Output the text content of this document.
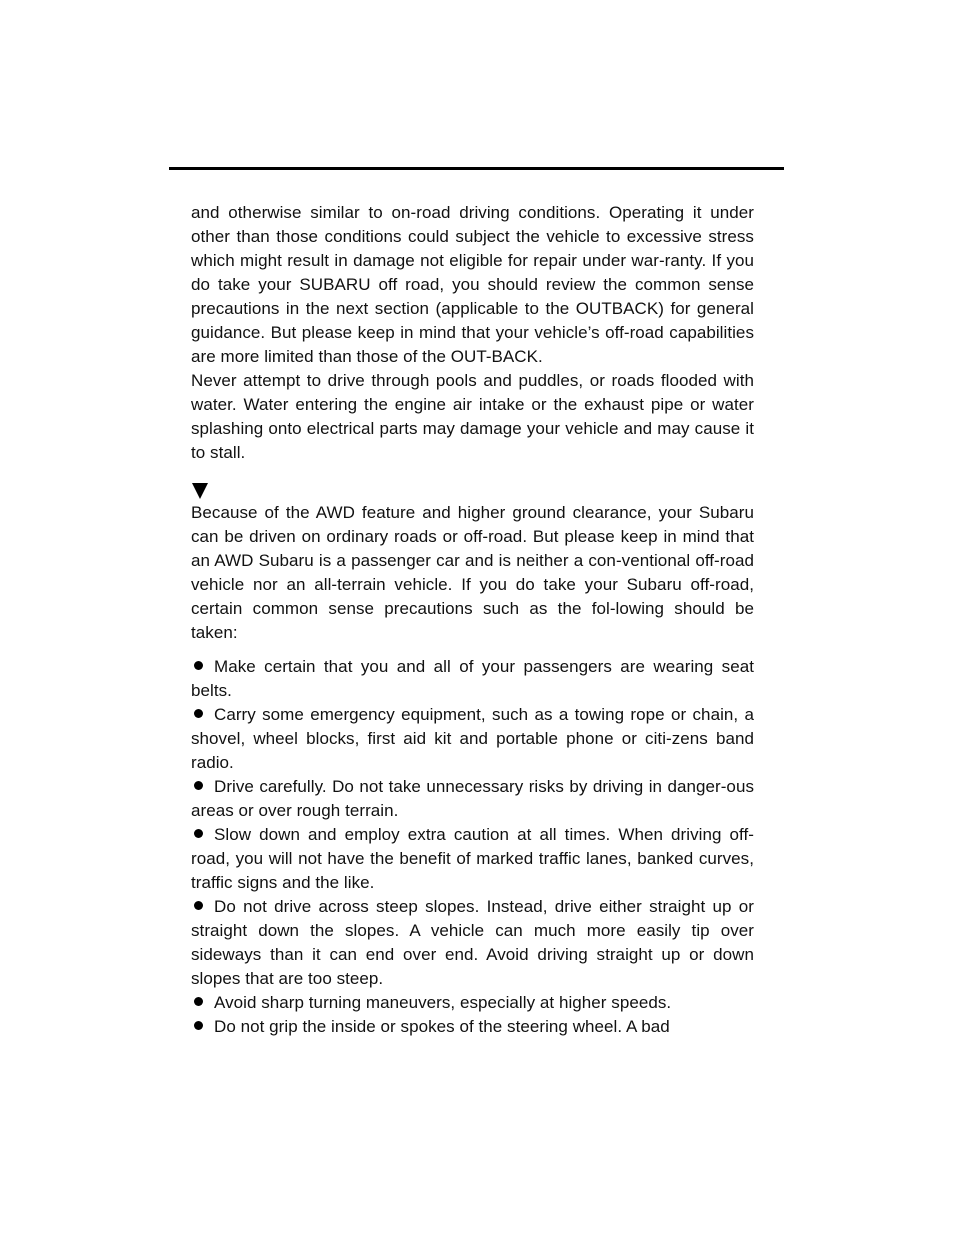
and otherwise similar to on-road driving conditions. Operating it under other than those conditions could subject the vehicle to excessive stress which might result in damage not eligible for repair under war-ranty. If you do take your SUBARU off road, you should review the common sense precautions in the next section (applicable to the OUTBACK) for general guidance. But please keep in mind that your vehicle’s off-road capabilities are more limited than those of the OUT-BACK.

Never attempt to drive through pools and puddles, or roads flooded with water. Water entering the engine air intake or the exhaust pipe or water splashing onto electrical parts may damage your vehicle and may cause it to stall.

Because of the AWD feature and higher ground clearance, your Subaru can be driven on ordinary roads or off-road. But please keep in mind that an AWD Subaru is a passenger car and is neither a con-ventional off-road vehicle nor an all-terrain vehicle. If you do take your Subaru off-road, certain common sense precautions such as the fol-lowing should be taken:

Make certain that you and all of your passengers are wearing seat belts.
Carry some emergency equipment, such as a towing rope or chain, a shovel, wheel blocks, first aid kit and portable phone or citi-zens band radio.
Drive carefully. Do not take unnecessary risks by driving in danger-ous areas or over rough terrain.
Slow down and employ extra caution at all times. When driving off-road, you will not have the benefit of marked traffic lanes, banked curves, traffic signs and the like.
Do not drive across steep slopes. Instead, drive either straight up or straight down the slopes. A vehicle can much more easily tip over sideways than it can end over end. Avoid driving straight up or down slopes that are too steep.
Avoid sharp turning maneuvers, especially at higher speeds.
Do not grip the inside or spokes of the steering wheel. A bad
